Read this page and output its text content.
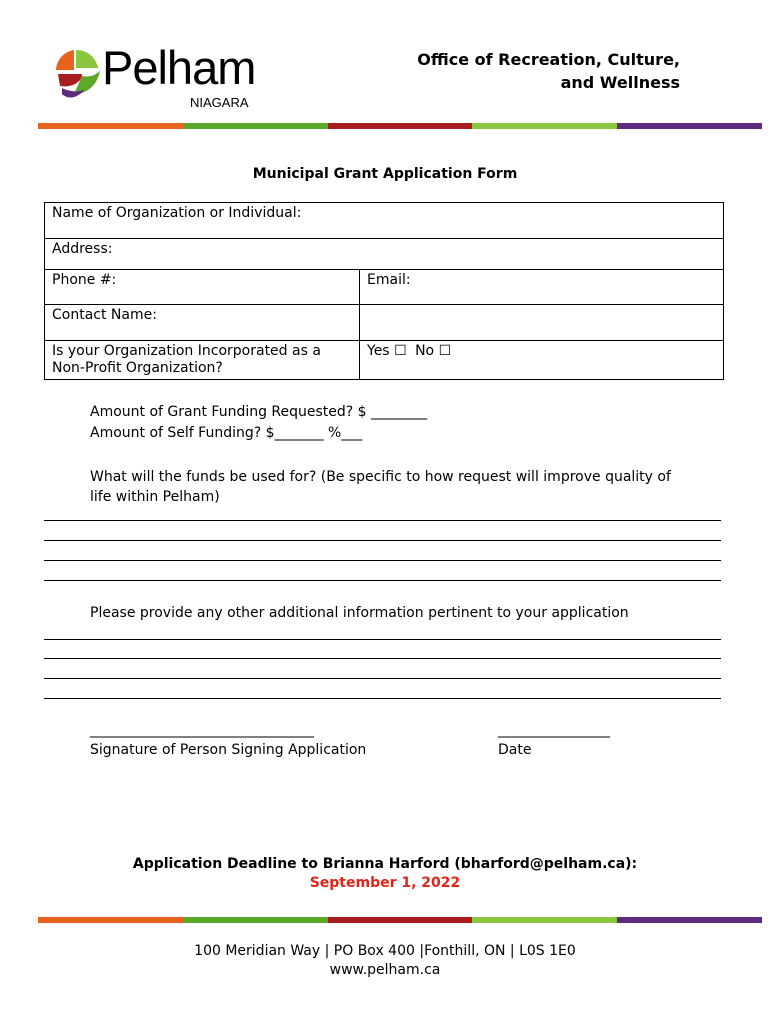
Pelham
NIAGARA
Office of Recreation, Culture,
and Wellness
Municipal Grant Application Form
Name of Organization or Individual:	
Address:	
Phone #:	Email:
Contact Name:	
Is your Organization Incorporated as a Non-Profit Organization?	Yes ☐ No ☐
Amount of Grant Funding Requested? $ ________
Amount of Self Funding? $_______ %___
What will the funds be used for? (Be specific to how request will improve quality of life within Pelham)
Please provide any other additional information pertinent to your application
________________________________
Signature of Person Signing Application
________________
Date
Application Deadline to Brianna Harford (bharford@pelham.ca):
September 1, 2022
100 Meridian Way | PO Box 400 |Fonthill, ON | L0S 1E0
www.pelham.ca
